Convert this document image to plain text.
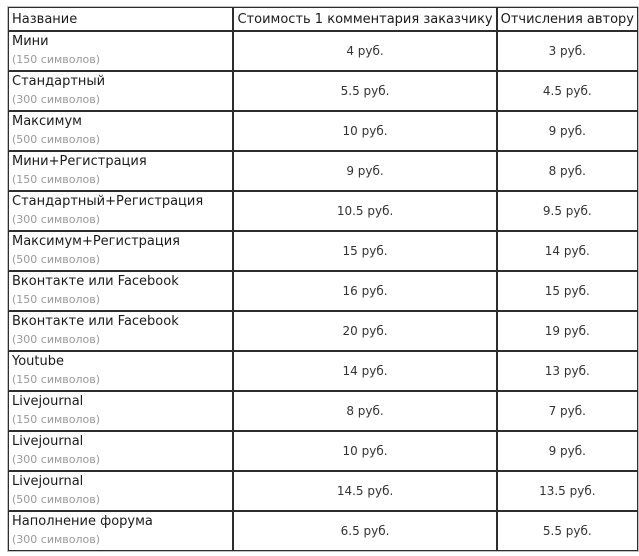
Название	Стоимость 1 комментария заказчику	Отчисления автору

Мини
(150 символов)	4 руб.	3 руб.

Стандартный
(300 символов)	5.5 руб.	4.5 руб.

Максимум
(500 символов)	10 руб.	9 руб.

Мини+Регистрация
(150 символов)	9 руб.	8 руб.

Стандартный+Регистрация
(300 символов)	10.5 руб.	9.5 руб.

Максимум+Регистрация
(500 символов)	15 руб.	14 руб.

Вконтакте или Facebook
(150 символов)	16 руб.	15 руб.

Вконтакте или Facebook
(300 символов)	20 руб.	19 руб.

Youtube
(150 символов)	14 руб.	13 руб.

Livejournal
(150 символов)	8 руб.	7 руб.

Livejournal
(300 символов)	10 руб.	9 руб.

Livejournal
(500 символов)	14.5 руб.	13.5 руб.

Наполнение форума
(300 символов)	6.5 руб.	5.5 руб.
